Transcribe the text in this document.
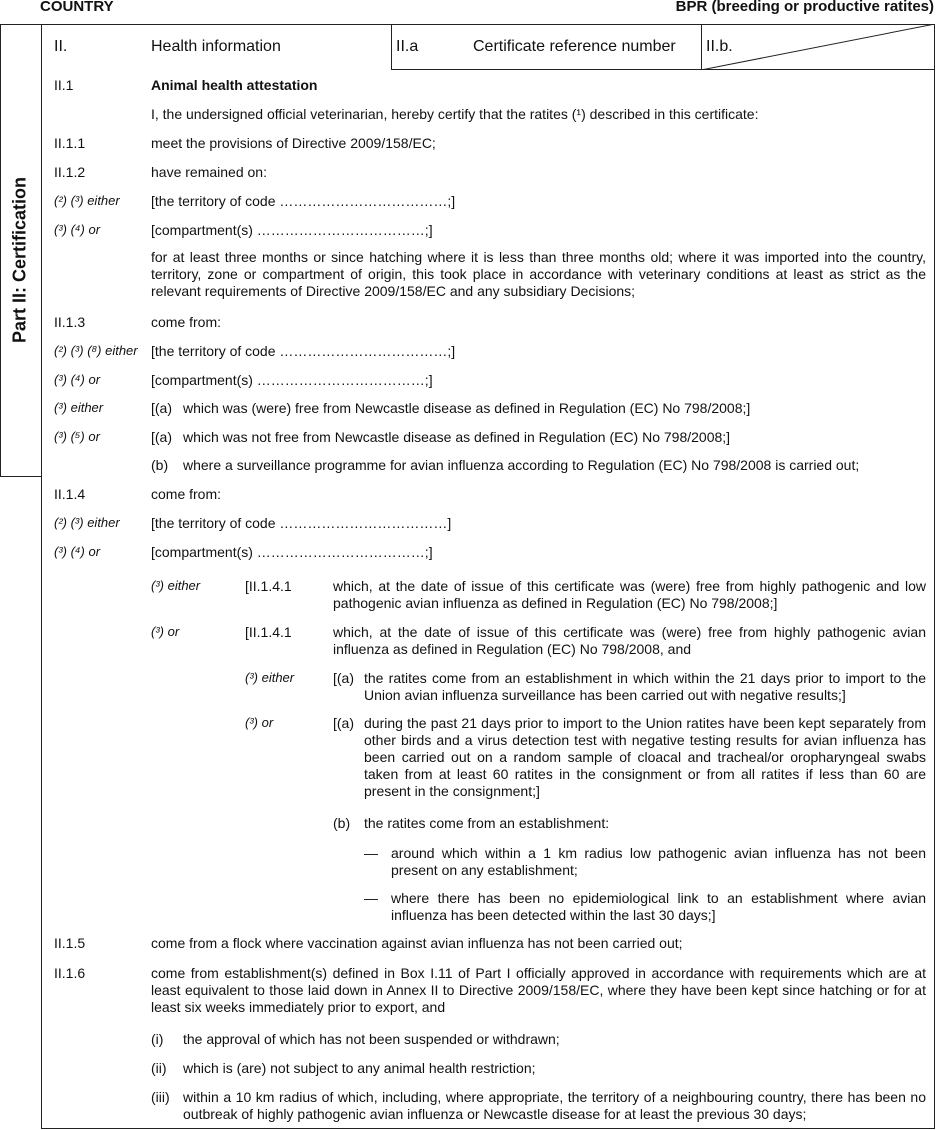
COUNTRY	BPR (breeding or productive ratites)
Part II: Certification
II.	Health information	II.a	Certificate reference number II.b.
II.1	Animal health attestation
I, the undersigned official veterinarian, hereby certify that the ratites (¹) described in this certificate:
II.1.1	meet the provisions of Directive 2009/158/EC;
II.1.2	have remained on:
(²) (³) either [the territory of code ………………………………;]
(³) (⁴) or	[compartment(s) ………………………………;]
for at least three months or since hatching where it is less than three months old; where it was imported into the country, territory, zone or compartment of origin, this took place in accordance with veterinary conditions at least as strict as the relevant requirements of Directive 2009/158/EC and any subsidiary Decisions;
II.1.3	come from:
(²) (³) (⁸) either [the territory of code ………………………………;]
(³) (⁴) or	[compartment(s) ………………………………;]
(³) either	[(a) which was (were) free from Newcastle disease as defined in Regulation (EC) No 798/2008;]
(³) (⁵) or	[(a) which was not free from Newcastle disease as defined in Regulation (EC) No 798/2008;]
(b) where a surveillance programme for avian influenza according to Regulation (EC) No 798/2008 is carried out;
II.1.4	come from:
(²) (³) either [the territory of code ………………………………]
(³) (⁴) or	[compartment(s) ………………………………;]
(³) either	[II.1.4.1	which, at the date of issue of this certificate was (were) free from highly pathogenic and low pathogenic avian influenza as defined in Regulation (EC) No 798/2008;]
(³) or	[II.1.4.1	which, at the date of issue of this certificate was (were) free from highly pathogenic avian influenza as defined in Regulation (EC) No 798/2008, and
(³) either	[(a) the ratites come from an establishment in which within the 21 days prior to import to the Union avian influenza surveillance has been carried out with negative results;]
(³) or	[(a) during the past 21 days prior to import to the Union ratites have been kept separately from other birds and a virus detection test with negative testing results for avian influenza has been carried out on a random sample of cloacal and tracheal/or oropharyngeal swabs taken from at least 60 ratites in the consignment or from all ratites if less than 60 are present in the consignment;]
(b) the ratites come from an establishment:
— around which within a 1 km radius low pathogenic avian influenza has not been present on any establishment;
— where there has been no epidemiological link to an establishment where avian influenza has been detected within the last 30 days;]
II.1.5	come from a flock where vaccination against avian influenza has not been carried out;
II.1.6	come from establishment(s) defined in Box I.11 of Part I officially approved in accordance with requirements which are at least equivalent to those laid down in Annex II to Directive 2009/158/EC, where they have been kept since hatching or for at least six weeks immediately prior to export, and
(i) the approval of which has not been suspended or withdrawn;
(ii) which is (are) not subject to any animal health restriction;
(iii) within a 10 km radius of which, including, where appropriate, the territory of a neighbouring country, there has been no outbreak of highly pathogenic avian influenza or Newcastle disease for at least the previous 30 days;
